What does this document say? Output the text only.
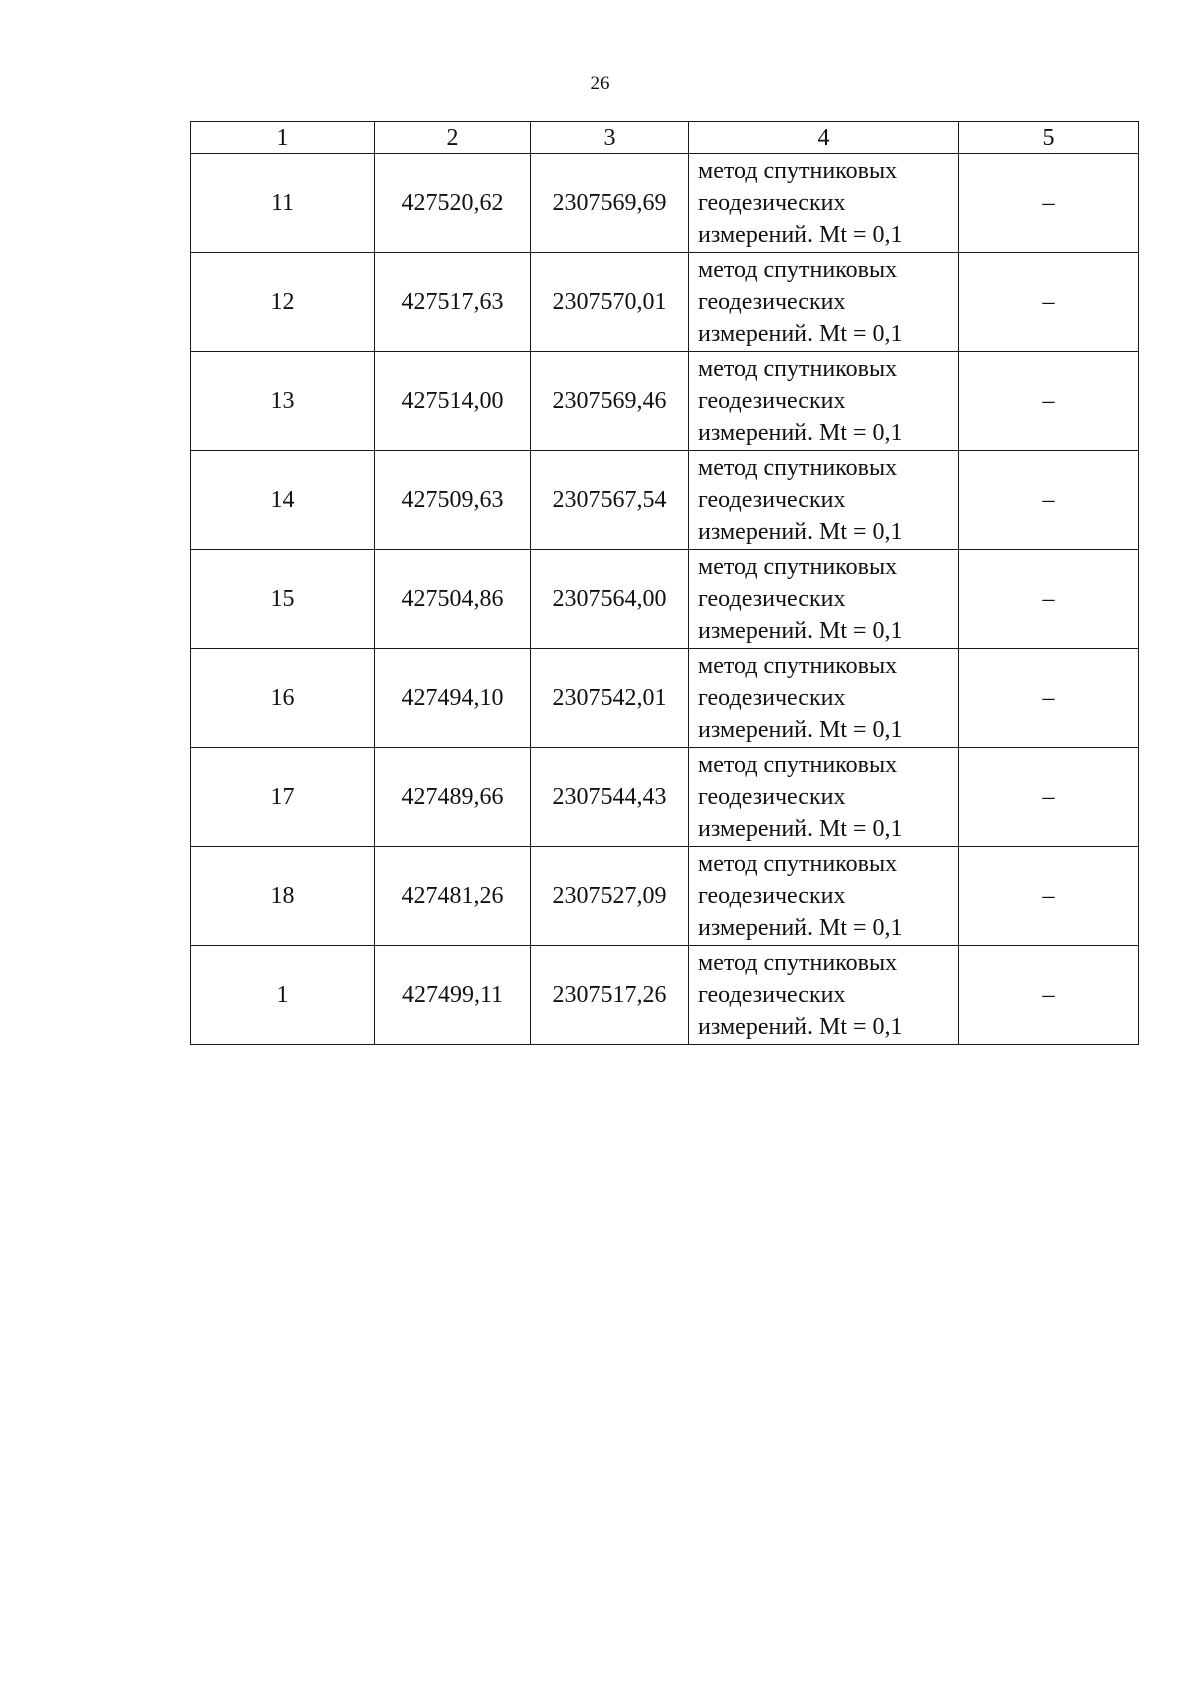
26
1	2	3	4	5
11	427520,62	2307569,69	метод спутниковых
геодезических
измерений. Mt = 0,1	–
12	427517,63	2307570,01	метод спутниковых
геодезических
измерений. Mt = 0,1	–
13	427514,00	2307569,46	метод спутниковых
геодезических
измерений. Mt = 0,1	–
14	427509,63	2307567,54	метод спутниковых
геодезических
измерений. Mt = 0,1	–
15	427504,86	2307564,00	метод спутниковых
геодезических
измерений. Mt = 0,1	–
16	427494,10	2307542,01	метод спутниковых
геодезических
измерений. Mt = 0,1	–
17	427489,66	2307544,43	метод спутниковых
геодезических
измерений. Mt = 0,1	–
18	427481,26	2307527,09	метод спутниковых
геодезических
измерений. Mt = 0,1	–
1	427499,11	2307517,26	метод спутниковых
геодезических
измерений. Mt = 0,1	–
